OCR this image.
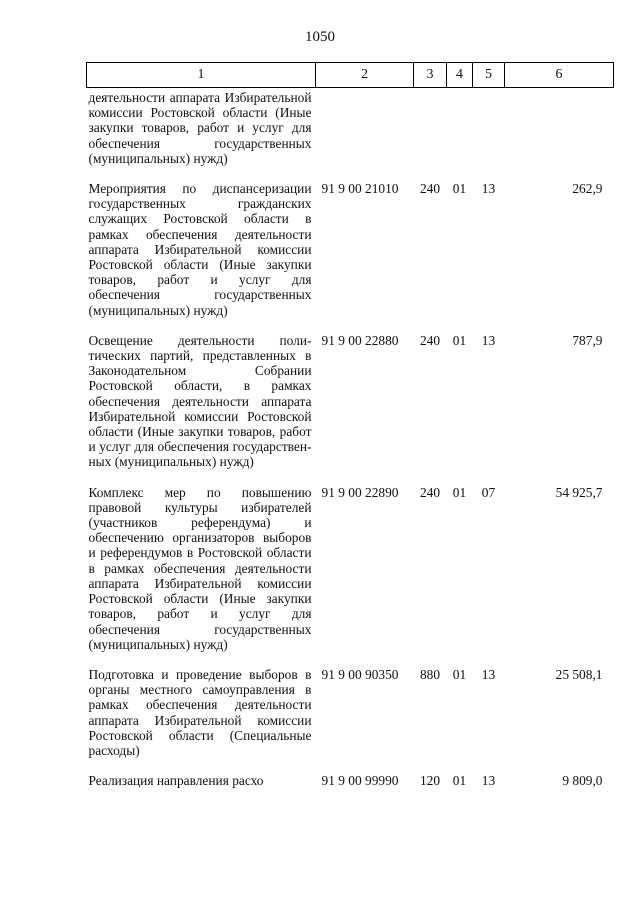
1050
1	2	3	4	5	6
деятельности аппарата Избирательной комиссии Ростовской области (Иные закупки товаров, работ и услуг для обеспечения государственных (муниципальных) нужд)					
Мероприятия по диспансеризации государственных гражданских служащих Ростовской области в рамках обеспечения деятельности аппарата Избирательной комиссии Ростовской области (Иные закупки товаров, работ и услуг для обеспечения государственных (муниципальных) нужд)	91 9 00 21010	240	01	13	262,9
Освещение деятельности политических партий, представленных в Законодательном Собрании Ростовской области, в рамках обеспечения деятельности аппарата Избирательной комиссии Ростовской области (Иные закупки товаров, работ и услуг для обеспечения государственных (муниципальных) нужд)	91 9 00 22880	240	01	13	787,9
Комплекс мер по повышению правовой культуры избирателей (участников референдума) и обеспечению организаторов выборов и референдумов в Ростовской области в рамках обеспечения деятельности аппарата Избирательной комиссии Ростовской области (Иные закупки товаров, работ и услуг для обеспечения государственных (муниципальных) нужд)	91 9 00 22890	240	01	07	54 925,7
Подготовка и проведение выборов в органы местного самоуправления в рамках обеспечения деятельности аппарата Избирательной комиссии Ростовской области (Специальные расходы)	91 9 00 90350	880	01	13	25 508,1
Реализация направления расхо	91 9 00 99990	120	01	13	9 809,0
